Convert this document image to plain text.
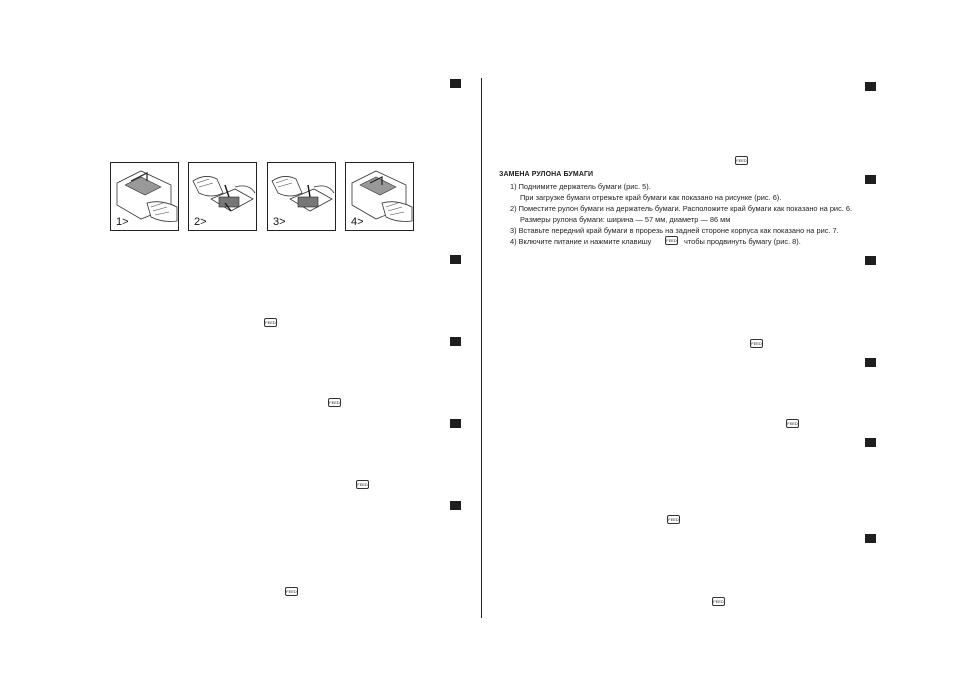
1>	2>	3>	4>
FEED
FEED
FEED
FEED
FEED
FEED
FEED
FEED
FEED
ЗАМЕНА РУЛОНА БУМАГИ
1) Поднимите держатель бумаги (рис. 5).
При загрузке бумаги отрежьте край бумаги как показано на рисунке (рис. 6).
2) Поместите рулон бумаги на держатель бумаги. Расположите край бумаги как показано на рис. 6.
Размеры рулона бумаги: ширина — 57 мм, диаметр — 86 мм
3) Вставьте передний край бумаги в прорезь на задней стороне корпуса как показано на рис. 7.
4) Включите питание и нажмите клавишу	FEED чтобы продвинуть бумагу (рис. 8).
